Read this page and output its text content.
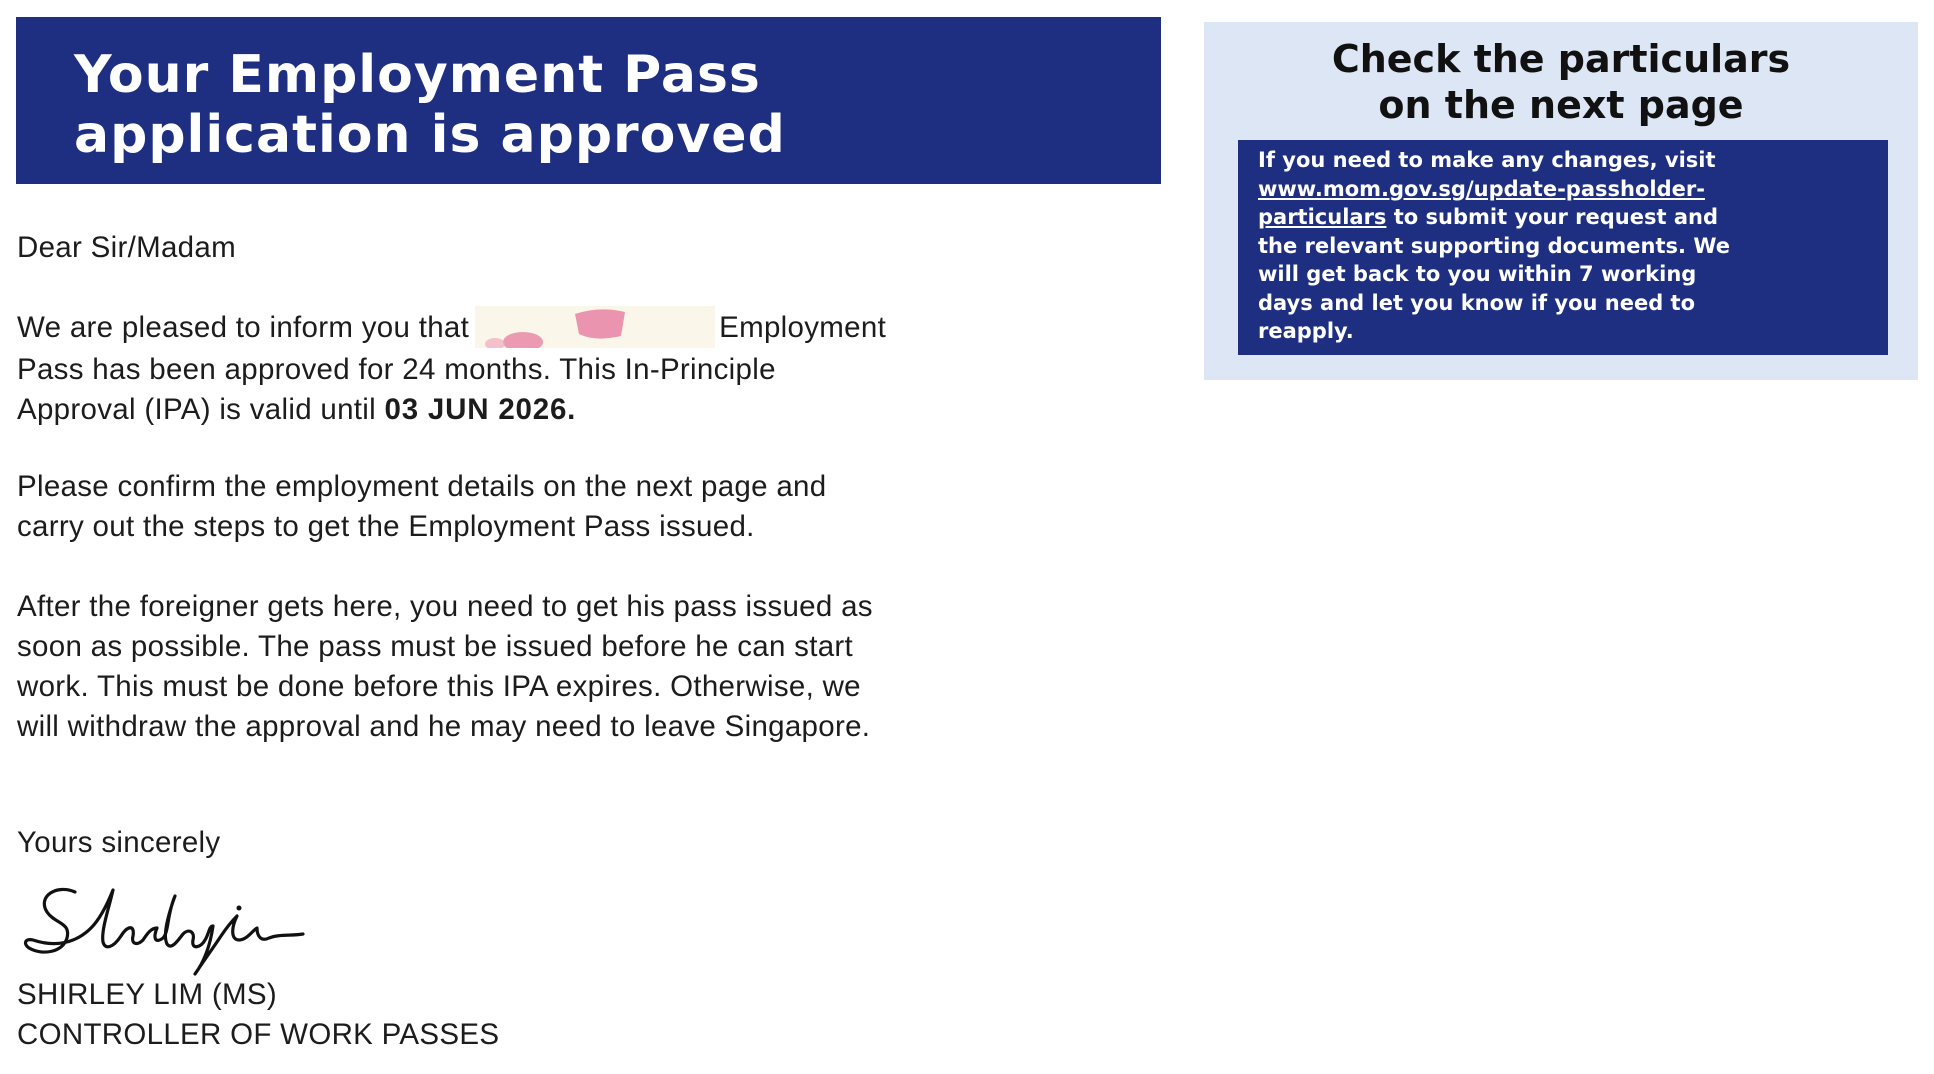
Your Employment Pass
application is approved

Dear Sir/Madam

We are pleased to inform you that	Employment
Pass has been approved for 24 months. This In-Principle
Approval (IPA) is valid until 03 JUN 2026.

Please confirm the employment details on the next page and
carry out the steps to get the Employment Pass issued.

After the foreigner gets here, you need to get his pass issued as
soon as possible. The pass must be issued before he can start
work. This must be done before this IPA expires. Otherwise, we
will withdraw the approval and he may need to leave Singapore.

Yours sincerely

SHIRLEY LIM (MS)
CONTROLLER OF WORK PASSES

Check the particulars
on the next page
If you need to make any changes, visit
www.mom.gov.sg/update-passholder-
particulars to submit your request and
the relevant supporting documents. We
will get back to you within 7 working
days and let you know if you need to
reapply.
